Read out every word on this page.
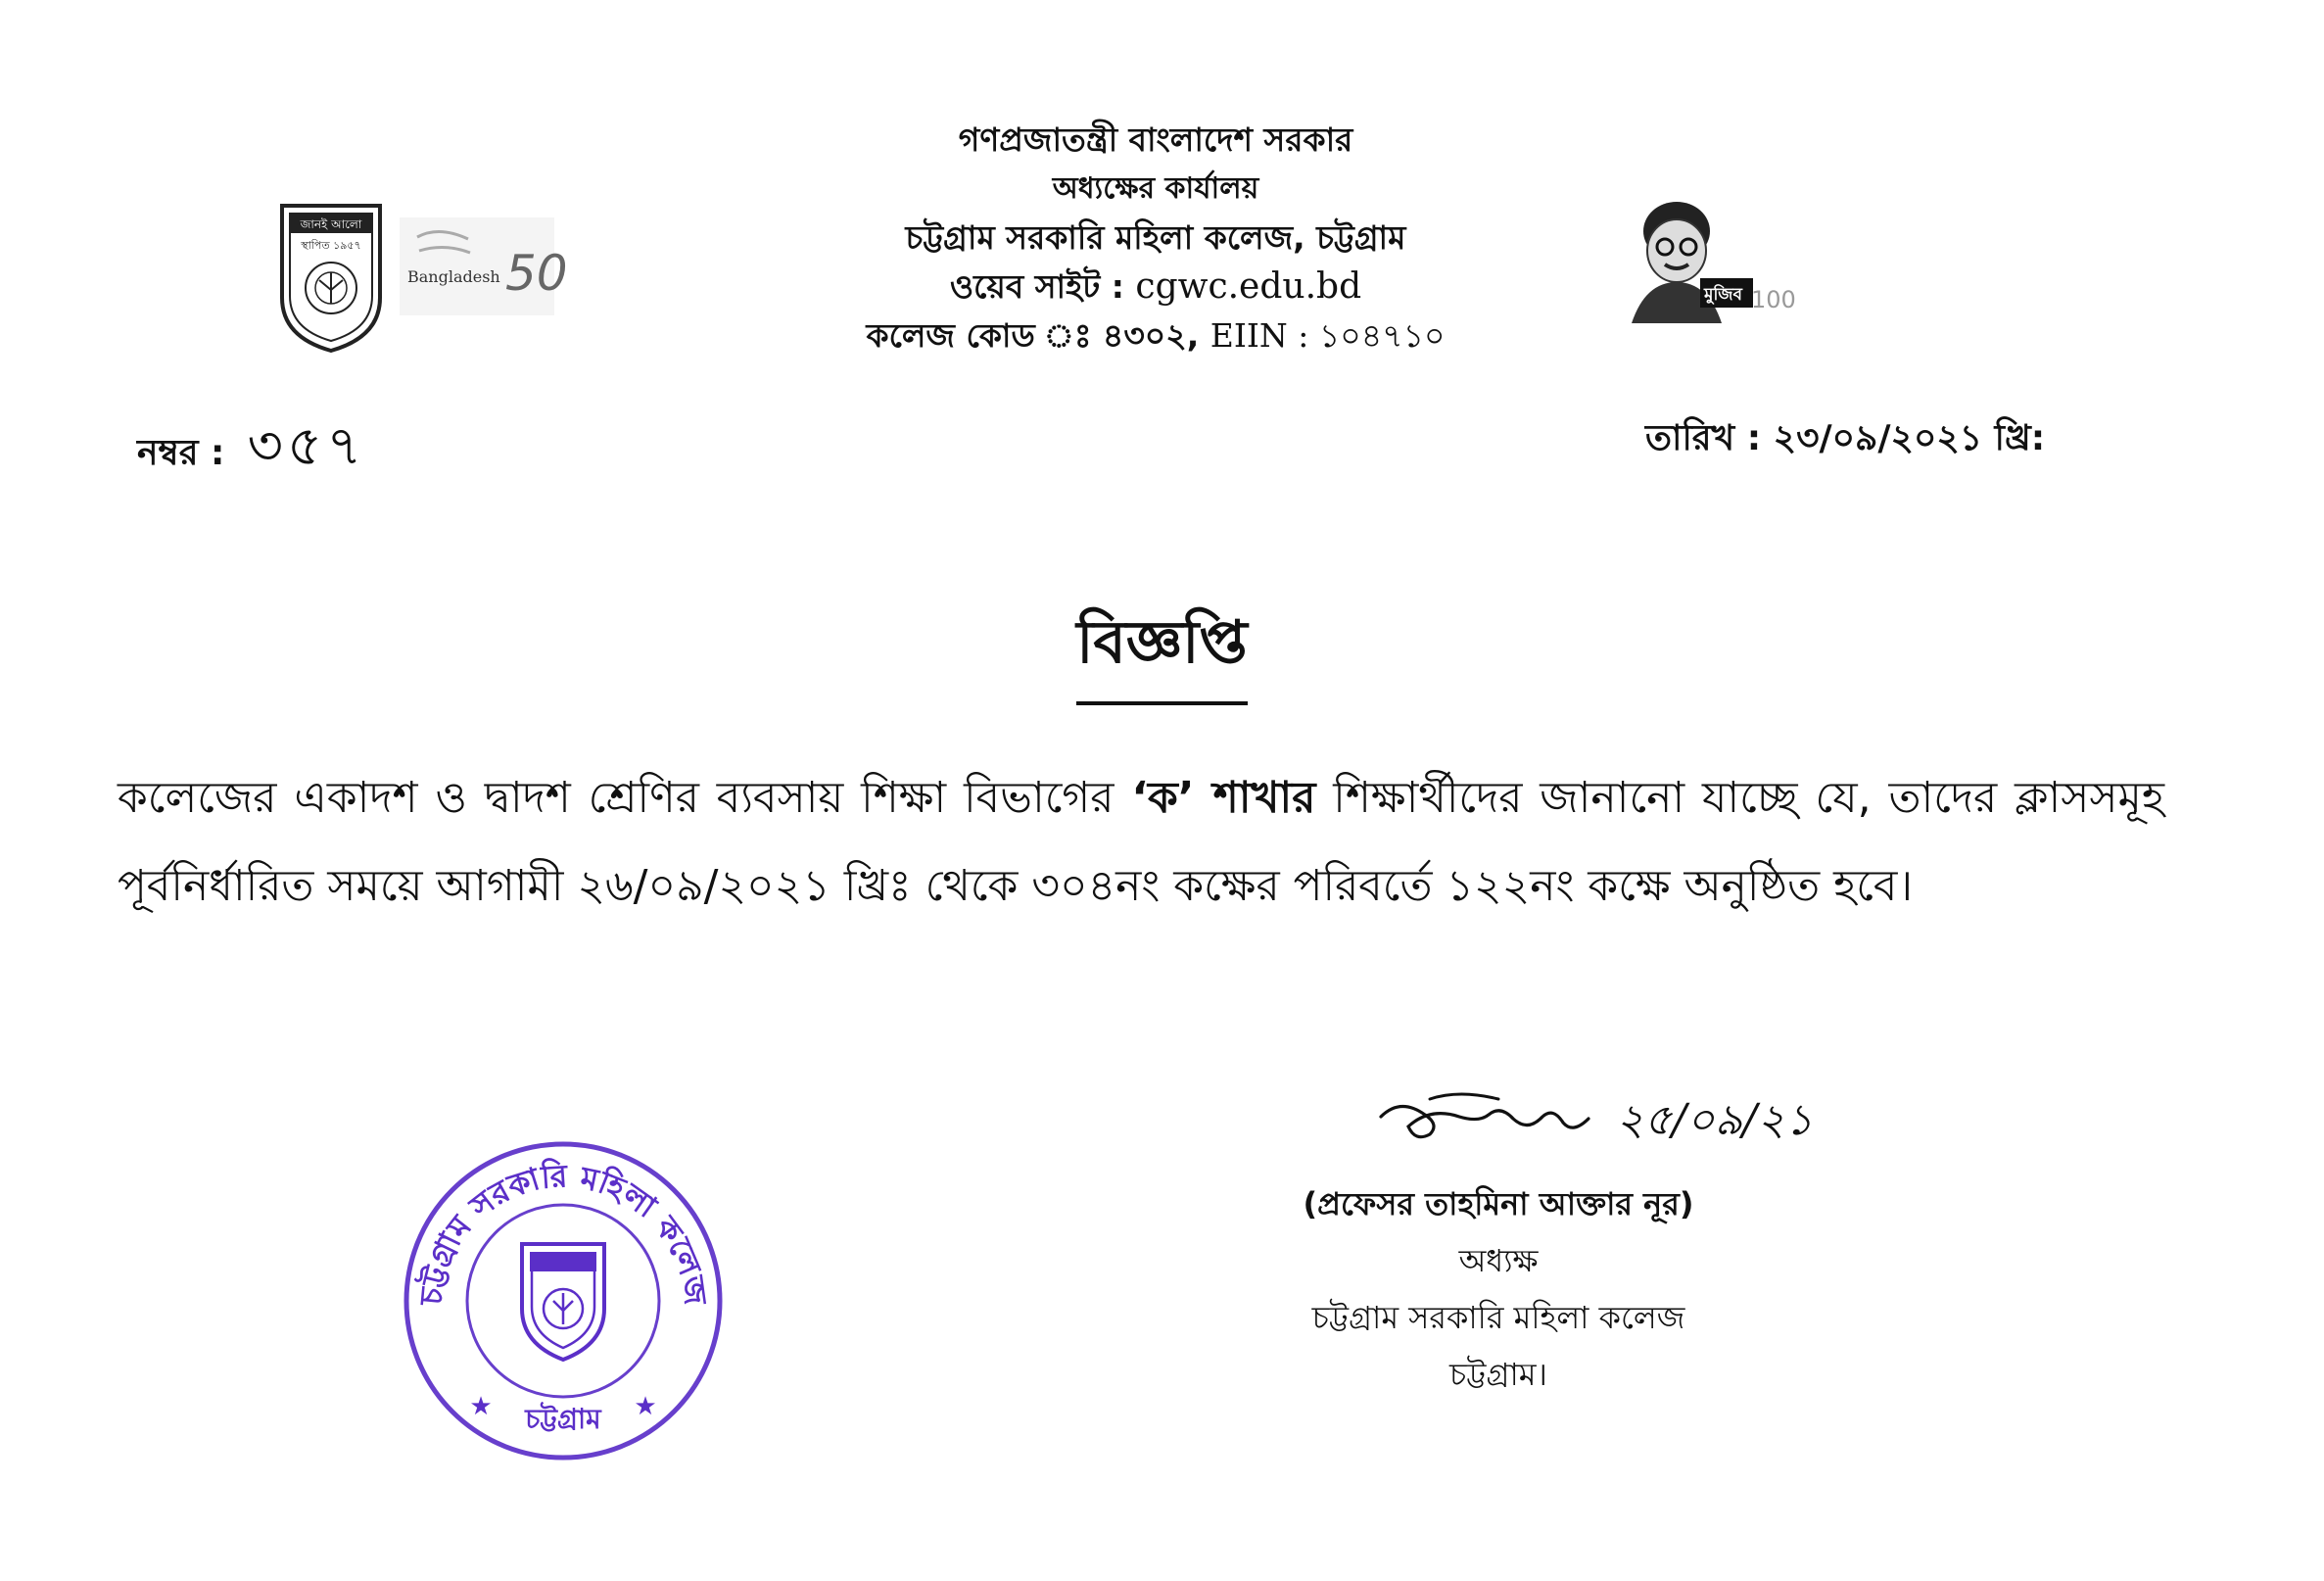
গণপ্রজাতন্ত্রী বাংলাদেশ সরকার
অধ্যক্ষের কার্যালয়
চট্টগ্রাম সরকারি মহিলা কলেজ, চট্টগ্রাম
ওয়েব সাইট : cgwc.edu.bd
কলেজ কোড ঃ ৪৩০২, EIIN : ১০৪৭১০
জানই আলো
স্থাপিত ১৯৫৭
Bangladesh 50	মুজিব 100
নম্বর : ৩৫৭	তারিখ : ২৩/০৯/২০২১ খ্রি:
বিজ্ঞপ্তি
কলেজের একাদশ ও দ্বাদশ শ্রেণির ব্যবসায় শিক্ষা বিভাগের ‘ক’ শাখার শিক্ষার্থীদের জানানো যাচ্ছে যে, তাদের ক্লাসসমূহ পূর্বনির্ধারিত সময়ে আগামী ২৬/০৯/২০২১ খ্রিঃ থেকে ৩০৪নং কক্ষের পরিবর্তে ১২২নং কক্ষে অনুষ্ঠিত হবে।
২৫/০৯/২১
(প্রফেসর তাহমিনা আক্তার নূর)
অধ্যক্ষ
চট্টগ্রাম সরকারি মহিলা কলেজ
চট্টগ্রাম।
চট্টগ্রাম সরকারি মহিলা কলেজ
চট্টগ্রাম
★	★
